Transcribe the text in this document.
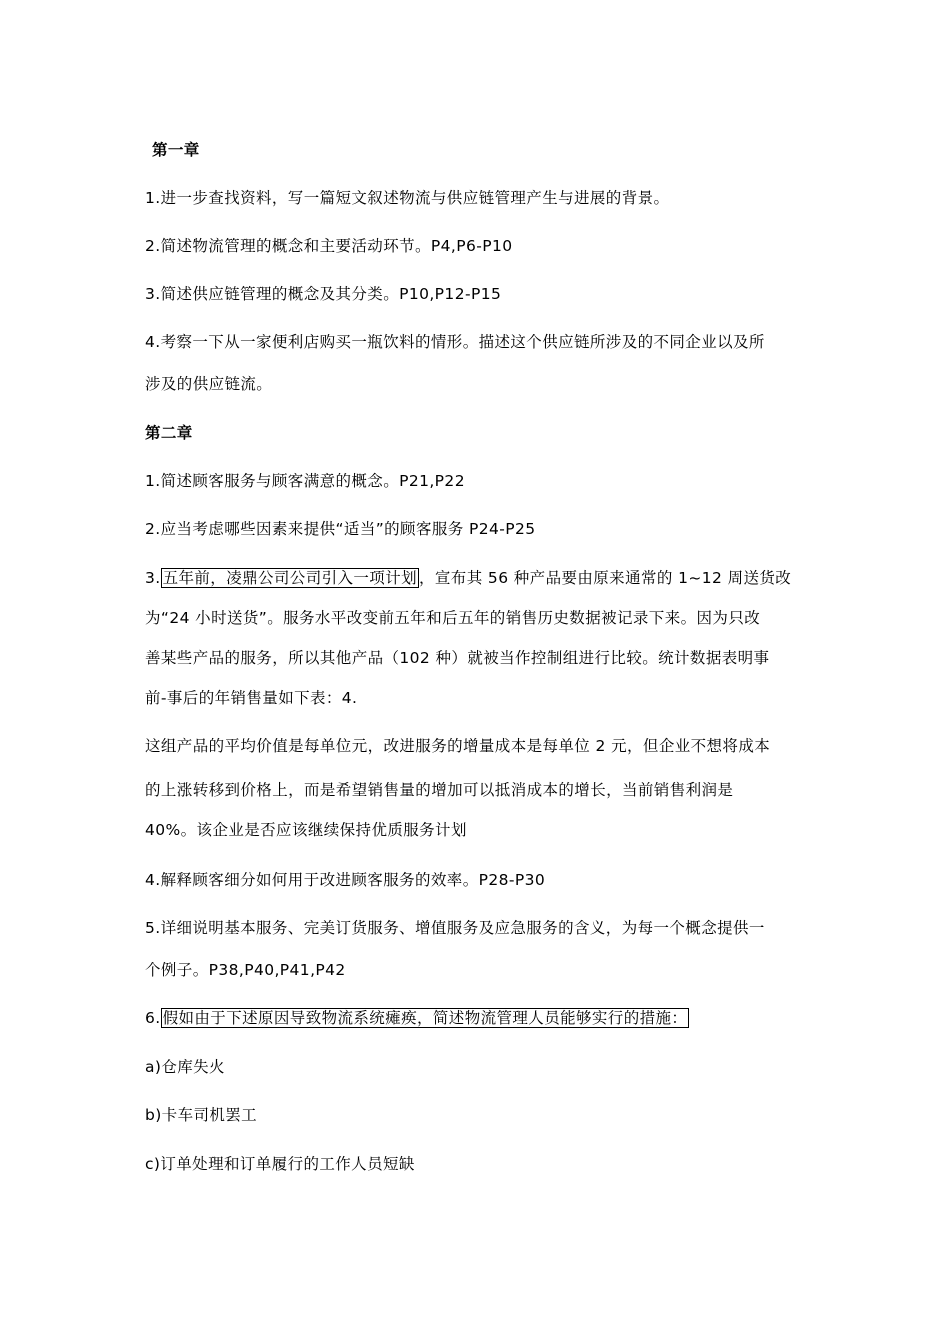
第一章
1.进一步查找资料，写一篇短文叙述物流与供应链管理产生与进展的背景。
2.简述物流管理的概念和主要活动环节。P4,P6-P10
3.简述供应链管理的概念及其分类。P10,P12-P15
4.考察一下从一家便利店购买一瓶饮料的情形。描述这个供应链所涉及的不同企业以及所
涉及的供应链流。
第二章
1.简述顾客服务与顾客满意的概念。P21,P22
2.应当考虑哪些因素来提供“适当”的顾客服务 P24-P25
3. 五年前，凌鼎公司公司引入一项计划 ，宣布其 56 种产品要由原来通常的 1~12 周送货改
为“24 小时送货”。服务水平改变前五年和后五年的销售历史数据被记录下来。因为只改
善某些产品的服务，所以其他产品（102 种）就被当作控制组进行比较。统计数据表明事
前-事后的年销售量如下表：4.
这组产品的平均价值是每单位元，改进服务的增量成本是每单位 2 元，但企业不想将成本
的上涨转移到价格上，而是希望销售量的增加可以抵消成本的增长，当前销售利润是
40%。该企业是否应该继续保持优质服务计划
4.解释顾客细分如何用于改进顾客服务的效率。P28-P30
5.详细说明基本服务、完美订货服务、增值服务及应急服务的含义，为每一个概念提供一
个例子。P38,P40,P41,P42
6. 假如由于下述原因导致物流系统瘫痪，简述物流管理人员能够实行的措施：
a)仓库失火
b)卡车司机罢工
c)订单处理和订单履行的工作人员短缺
